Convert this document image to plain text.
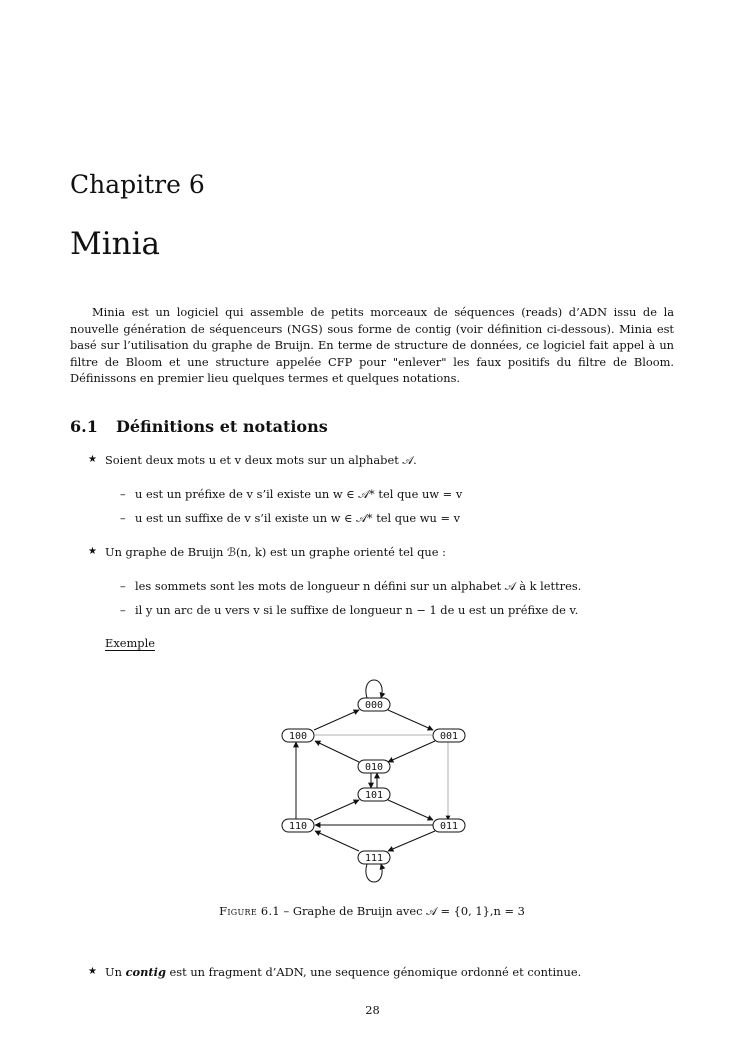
Chapitre 6
Minia
Minia est un logiciel qui assemble de petits morceaux de séquences (reads) d’ADN issu de la nouvelle génération de séquenceurs (NGS) sous forme de contig (voir définition ci-dessous). Minia est basé sur l’utilisation du graphe de Bruijn. En terme de structure de données, ce logiciel fait appel à un filtre de Bloom et une structure appelée CFP pour "enlever" les faux positifs du filtre de Bloom. Définissons en premier lieu quelques termes et quelques notations.
6.1 Définitions et notations
★ Soient deux mots u et v deux mots sur un alphabet 𝒜.
– u est un préfixe de v s’il existe un w ∈ 𝒜* tel que uw = v
– u est un suffixe de v s’il existe un w ∈ 𝒜* tel que wu = v
★ Un graphe de Bruijn ℬ(n, k) est un graphe orienté tel que :
– les sommets sont les mots de longueur n défini sur un alphabet 𝒜 à k lettres.
– il y un arc de u vers v si le suffixe de longueur n − 1 de u est un préfixe de v.
Exemple
000
100	001
010
101
110	011
111
Figure 6.1 – Graphe de Bruijn avec 𝒜 = {0, 1},n = 3
★ Un contig est un fragment d’ADN, une sequence génomique ordonné et continue.
28
